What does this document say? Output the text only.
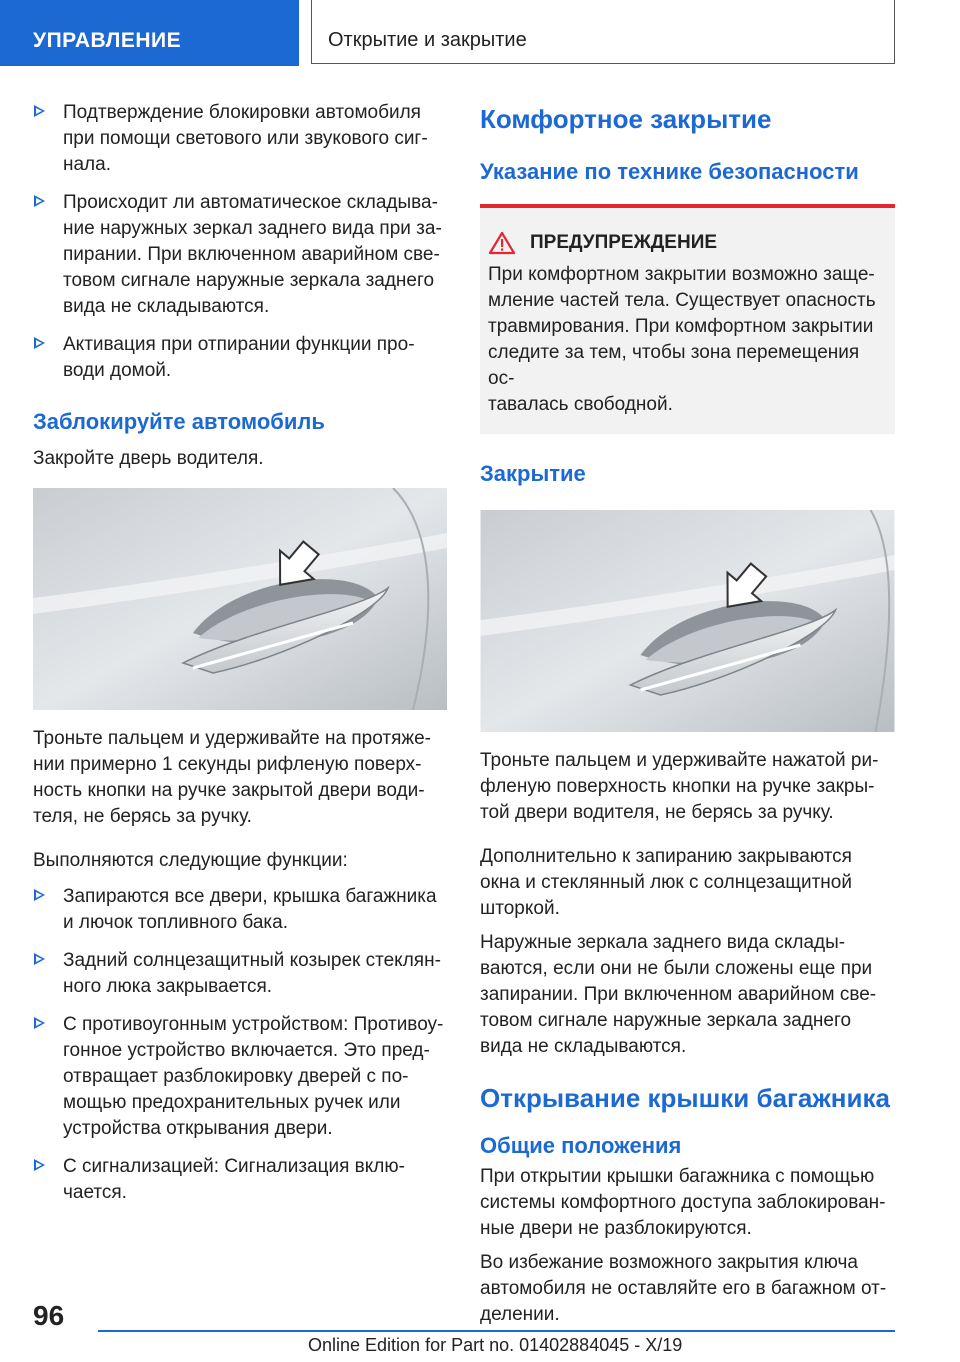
УПРАВЛЕНИЕ	Открытие и закрытие
Подтверждение блокировки автомобиля
при помощи светового или звукового сиг-
нала.
Происходит ли автоматическое складыва-
ние наружных зеркал заднего вида при за-
пирании. При включенном аварийном све-
товом сигнале наружные зеркала заднего
вида не складываются.
Активация при отпирании функции про-
води домой.
Заблокируйте автомобиль

Закройте дверь водителя.

Троньте пальцем и удерживайте на протяже-
нии примерно 1 секунды рифленую поверх-
ность кнопки на ручке закрытой двери води-
теля, не берясь за ручку.

Выполняются следующие функции:

Запираются все двери, крышка багажника
и лючок топливного бака.
Задний солнцезащитный козырек стеклян-
ного люка закрывается.
С противоугонным устройством: Противоу-
гонное устройство включается. Это пред-
отвращает разблокировку дверей с по-
мощью предохранительных ручек или
устройства открывания двери.
С сигнализацией: Сигнализация вклю-
чается.
Комфортное закрытие
Указание по технике безопасности
ПРЕДУПРЕЖДЕНИЕ
При комфортном закрытии возможно заще-
мление частей тела. Существует опасность
травмирования. При комфортном закрытии
следите за тем, чтобы зона перемещения ос-
тавалась свободной.
Закрытие
Троньте пальцем и удерживайте нажатой ри-
фленую поверхность кнопки на ручке закры-
той двери водителя, не берясь за ручку.
Дополнительно к запиранию закрываются
окна и стеклянный люк с солнцезащитной
шторкой.
Наружные зеркала заднего вида склады-
ваются, если они не были сложены еще при
запирании. При включенном аварийном све-
товом сигнале наружные зеркала заднего
вида не складываются.
Открывание крышки багажника
Общие положения
При открытии крышки багажника с помощью
системы комфортного доступа заблокирован-
ные двери не разблокируются.
Во избежание возможного закрытия ключа
автомобиля не оставляйте его в багажном от-
делении.
96
Online Edition for Part no. 01402884045 - X/19
